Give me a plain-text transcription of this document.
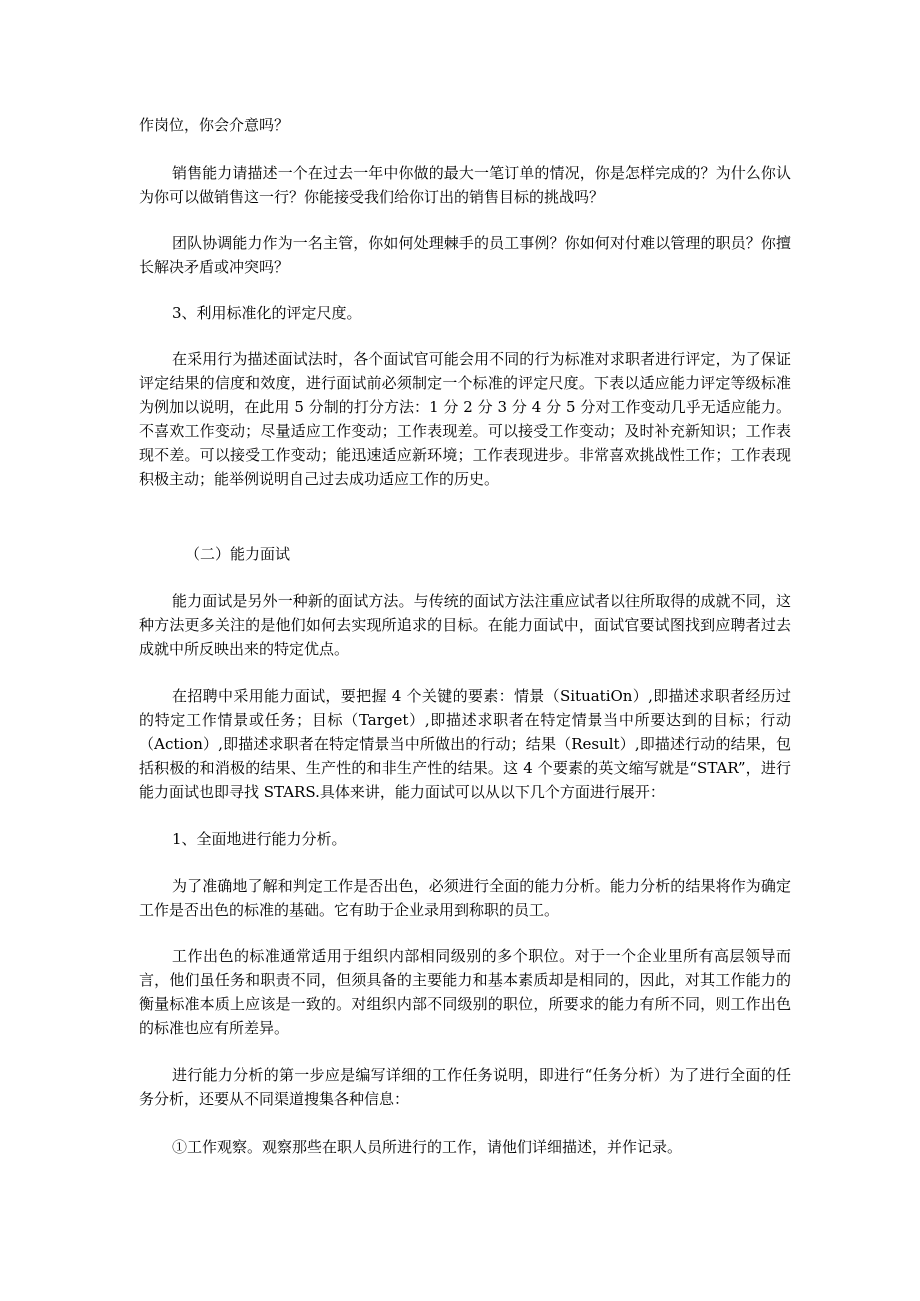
作岗位，你会介意吗？

销售能力请描述一个在过去一年中你做的最大一笔订单的情况，你是怎样完成的？为什么你认为你可以做销售这一行？你能接受我们给你订出的销售目标的挑战吗？

团队协调能力作为一名主管，你如何处理棘手的员工事例？你如何对付难以管理的职员？你擅长解决矛盾或冲突吗？

3、利用标准化的评定尺度。

在采用行为描述面试法时，各个面试官可能会用不同的行为标准对求职者进行评定，为了保证评定结果的信度和效度，进行面试前必须制定一个标准的评定尺度。下表以适应能力评定等级标准为例加以说明，在此用 5 分制的打分方法：1 分 2 分 3 分 4 分 5 分对工作变动几乎无适应能力。不喜欢工作变动；尽量适应工作变动；工作表现差。可以接受工作变动；及时补充新知识；工作表现不差。可以接受工作变动；能迅速适应新环境；工作表现进步。非常喜欢挑战性工作；工作表现积极主动；能举例说明自己过去成功适应工作的历史。

（二）能力面试

能力面试是另外一种新的面试方法。与传统的面试方法注重应试者以往所取得的成就不同，这种方法更多关注的是他们如何去实现所追求的目标。在能力面试中，面试官要试图找到应聘者过去成就中所反映出来的特定优点。

在招聘中采用能力面试，要把握 4 个关键的要素：情景（SituatiOn）,即描述求职者经历过的特定工作情景或任务；目标（Target）,即描述求职者在特定情景当中所要达到的目标；行动（Action）,即描述求职者在特定情景当中所做出的行动；结果（Result）,即描述行动的结果，包括积极的和消极的结果、生产性的和非生产性的结果。这 4 个要素的英文缩写就是“STAR”，进行能力面试也即寻找 STARS.具体来讲，能力面试可以从以下几个方面进行展开：

1、全面地进行能力分析。

为了准确地了解和判定工作是否出色，必须进行全面的能力分析。能力分析的结果将作为确定工作是否出色的标准的基础。它有助于企业录用到称职的员工。

工作出色的标准通常适用于组织内部相同级别的多个职位。对于一个企业里所有高层领导而言，他们虽任务和职责不同，但须具备的主要能力和基本素质却是相同的，因此，对其工作能力的衡量标准本质上应该是一致的。对组织内部不同级别的职位，所要求的能力有所不同，则工作出色的标准也应有所差异。

进行能力分析的第一步应是编写详细的工作任务说明，即进行“任务分析）为了进行全面的任务分析，还要从不同渠道搜集各种信息：

①工作观察。观察那些在职人员所进行的工作，请他们详细描述，并作记录。
